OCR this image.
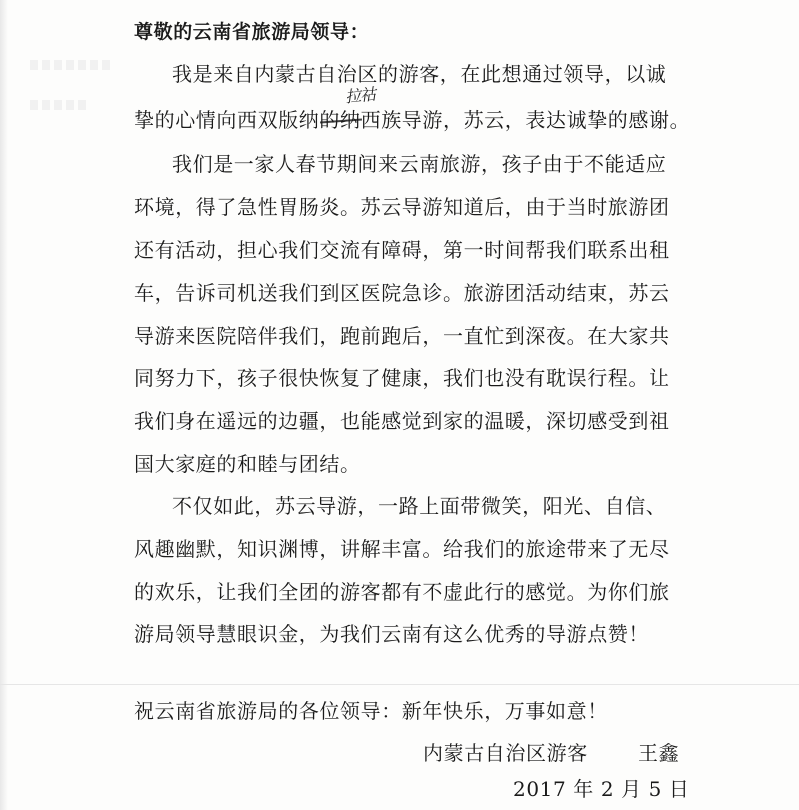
尊敬的云南省旅游局领导：
拉祜
我是来自内蒙古自治区的游客，在此想通过领导，以诚
挚的心情向西双版纳的纳西族导游，苏云，表达诚挚的感谢。
我们是一家人春节期间来云南旅游，孩子由于不能适应
环境，得了急性胃肠炎。苏云导游知道后，由于当时旅游团
还有活动，担心我们交流有障碍，第一时间帮我们联系出租
车，告诉司机送我们到区医院急诊。旅游团活动结束，苏云
导游来医院陪伴我们，跑前跑后，一直忙到深夜。在大家共
同努力下，孩子很快恢复了健康，我们也没有耽误行程。让
我们身在遥远的边疆，也能感觉到家的温暖，深切感受到祖
国大家庭的和睦与团结。
不仅如此，苏云导游，一路上面带微笑，阳光、自信、
风趣幽默，知识渊博，讲解丰富。给我们的旅途带来了无尽
的欢乐，让我们全团的游客都有不虚此行的感觉。为你们旅
游局领导慧眼识金，为我们云南有这么优秀的导游点赞！
祝云南省旅游局的各位领导：新年快乐，万事如意！
内蒙古自治区游客	王鑫
2017 年 2 月 5 日
